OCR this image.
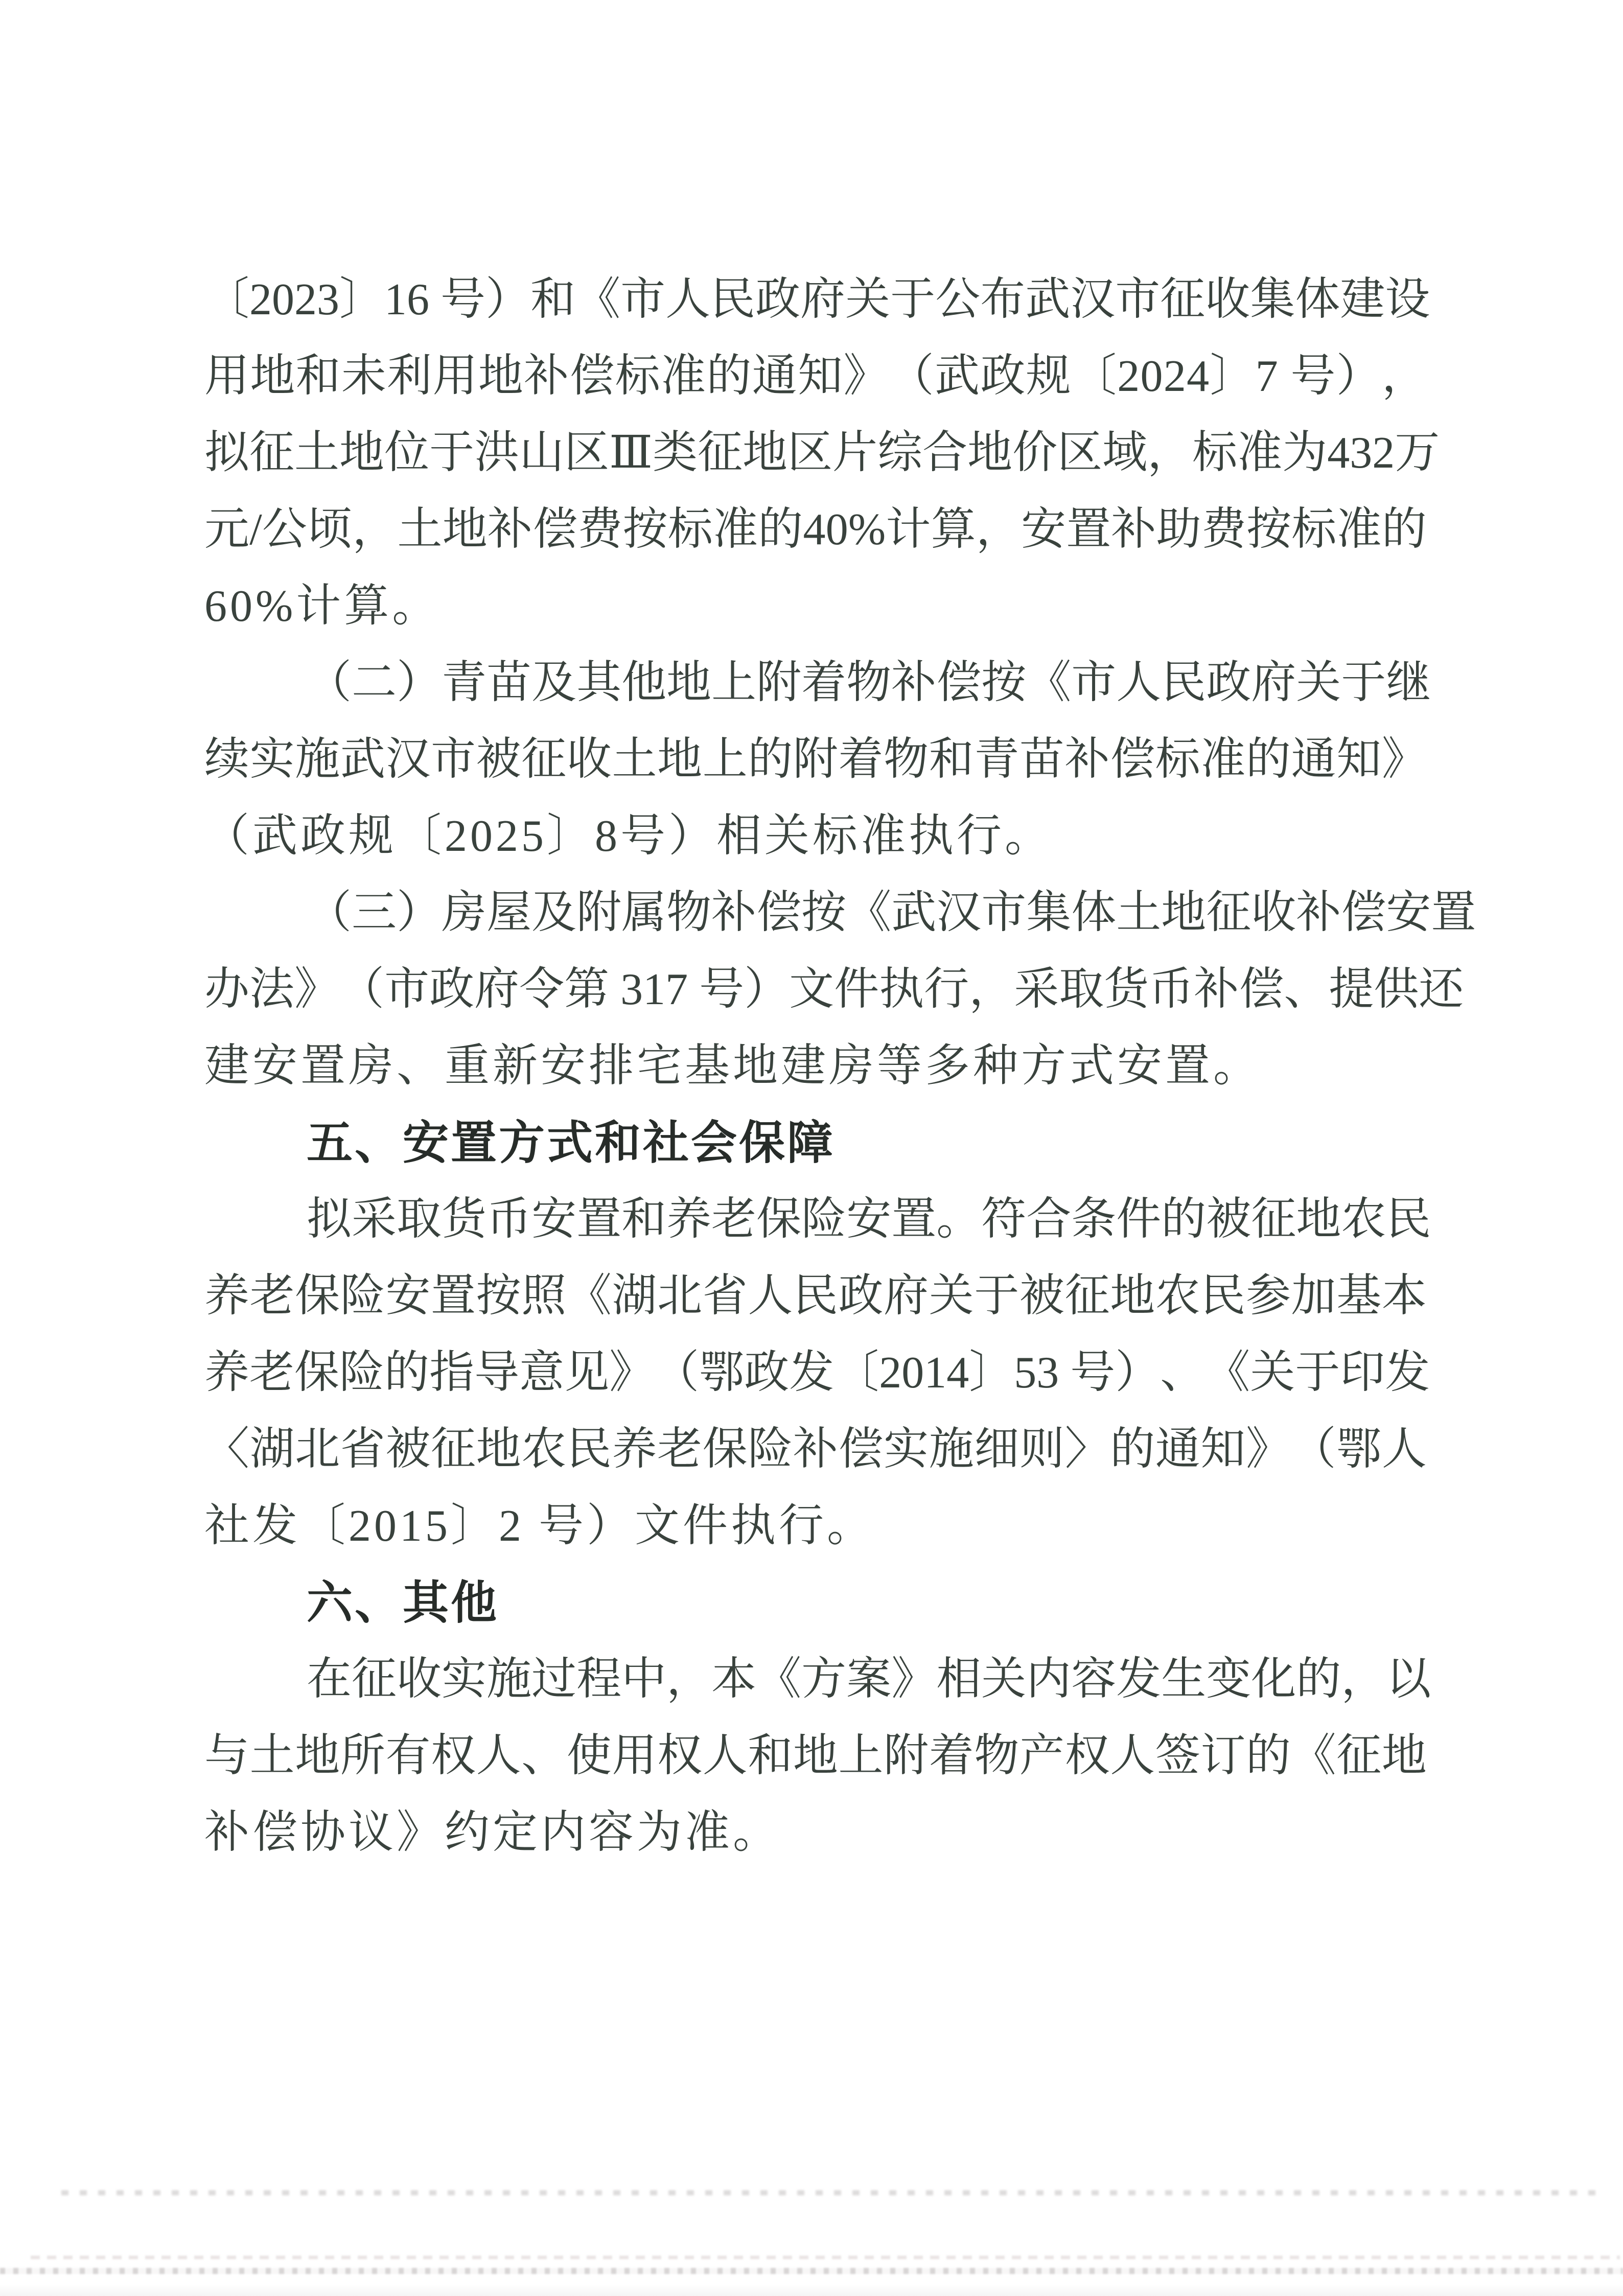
〔 2 0 2 3 〕 1 6
号 ） 和 《 市 人 民 政 府 关 于 公 布 武 汉 市 征 收 集 体 建 设
用 地 和 未 利 用 地 补 偿 标 准 的 通 知 》 （ 武 政 规 〔 2 0 2 4 〕 7
号 ） ，
拟 征 土 地 位 于 洪 山 区 Ⅲ 类 征 地 区 片 综 合 地 价 区 域 ， 标 准 为 4 3 2 万
元 / 公 顷 ， 土 地 补 偿 费 按 标 准 的 4 0 % 计 算 ， 安 置 补 助 费 按 标 准 的
60%计算。
（ 二 ） 青 苗 及 其 他 地 上 附 着 物 补 偿 按 《 市 人 民 政 府 关 于 继
续 实 施 武 汉 市 被 征 收 土 地 上 的 附 着 物 和 青 苗 补 偿 标 准 的 通 知 》
（武政规〔2025〕8号）相关标准执行。
（ 三 ） 房 屋 及 附 属 物 补 偿 按 《 武 汉 市 集 体 土 地 征 收 补 偿 安 置
办 法 》 （ 市 政 府 令 第
3 1 7
号 ） 文 件 执 行 ， 采 取 货 币 补 偿 、 提 供 还
建安置房、重新安排宅基地建房等多种方式安置。
五、安置方式和社会保障
拟 采 取 货 币 安 置 和 养 老 保 险 安 置 。 符 合 条 件 的 被 征 地 农 民
养 老 保 险 安 置 按 照 《 湖 北 省 人 民 政 府 关 于 被 征 地 农 民 参 加 基 本
养 老 保 险 的 指 导 意 见 》 （ 鄂 政 发 〔 2 0 1 4 〕 5 3
号 ） 、 《 关 于 印 发
〈 湖 北 省 被 征 地 农 民 养 老 保 险 补 偿 实 施 细 则 〉 的 通 知 》 （ 鄂 人
社发〔2015〕2 号）文件执行。
六、其他
在 征 收 实 施 过 程 中 ， 本 《 方 案 》 相 关 内 容 发 生 变 化 的 ， 以
与 土 地 所 有 权 人 、 使 用 权 人 和 地 上 附 着 物 产 权 人 签 订 的 《 征 地
补偿协议》约定内容为准。
